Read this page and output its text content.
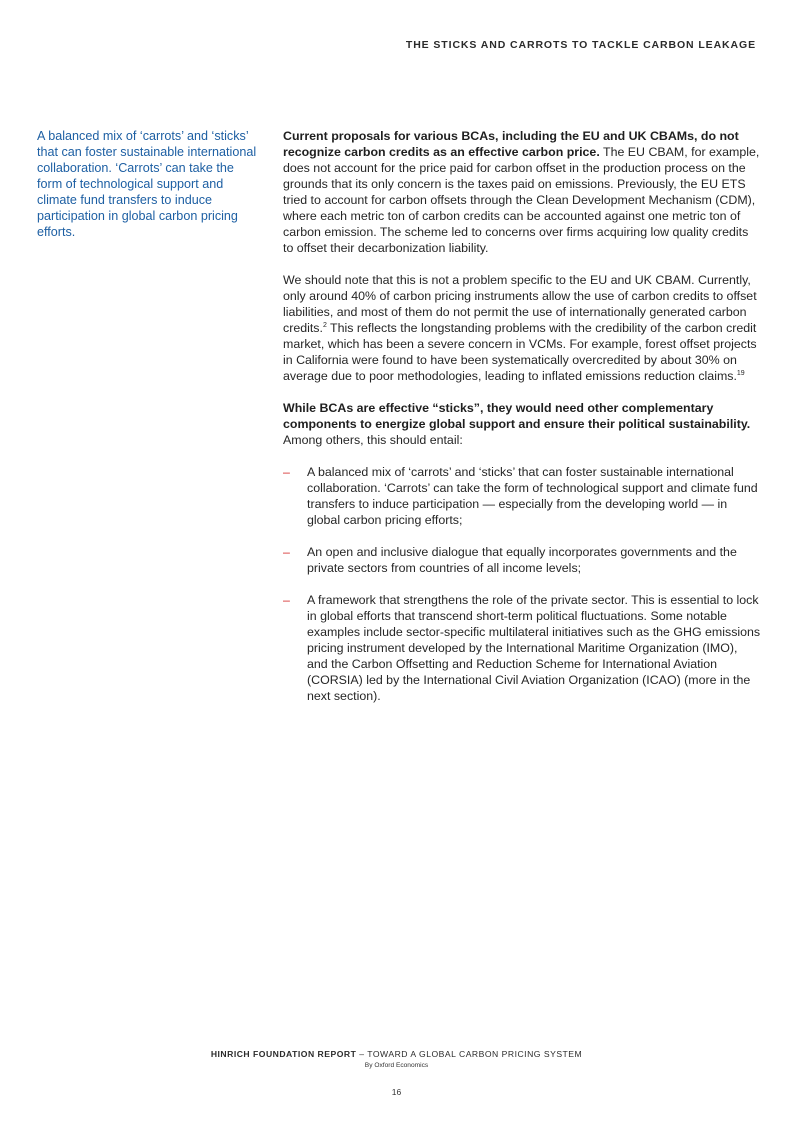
THE STICKS AND CARROTS TO TACKLE CARBON LEAKAGE
A balanced mix of ‘carrots’ and ‘sticks’ that can foster sustainable international collaboration. ‘Carrots’ can take the form of technological support and climate fund transfers to induce participation in global carbon pricing efforts.

Current proposals for various BCAs, including the EU and UK CBAMs, do not recognize carbon credits as an effective carbon price. The EU CBAM, for example, does not account for the price paid for carbon offset in the production process on the grounds that its only concern is the taxes paid on emissions. Previously, the EU ETS tried to account for carbon offsets through the Clean Development Mechanism (CDM), where each metric ton of carbon credits can be accounted against one metric ton of carbon emission. The scheme led to concerns over firms acquiring low quality credits to offset their decarbonization liability.

We should note that this is not a problem specific to the EU and UK CBAM. Currently, only around 40% of carbon pricing instruments allow the use of carbon credits to offset liabilities, and most of them do not permit the use of internationally generated carbon credits.$^2$ This reflects the longstanding problems with the credibility of the carbon credit market, which has been a severe concern in VCMs. For example, forest offset projects in California were found to have been systematically overcredited by about 30% on average due to poor methodologies, leading to inflated emissions reduction claims.$^{19}$

While BCAs are effective “sticks”, they would need other complementary components to energize global support and ensure their political sustainability. Among others, this should entail:

– A balanced mix of ‘carrots’ and ‘sticks’ that can foster sustainable international collaboration. ‘Carrots’ can take the form of technological support and climate fund transfers to induce participation — especially from the developing world — in global carbon pricing efforts;
– An open and inclusive dialogue that equally incorporates governments and the private sectors from countries of all income levels;
– A framework that strengthens the role of the private sector. This is essential to lock in global efforts that transcend short-term political fluctuations. Some notable examples include sector-specific multilateral initiatives such as the GHG emissions pricing instrument developed by the International Maritime Organization (IMO), and the Carbon Offsetting and Reduction Scheme for International Aviation (CORSIA) led by the International Civil Aviation Organization (ICAO) (more in the next section).
HINRICH FOUNDATION REPORT – TOWARD A GLOBAL CARBON PRICING SYSTEM
By Oxford Economics
16
